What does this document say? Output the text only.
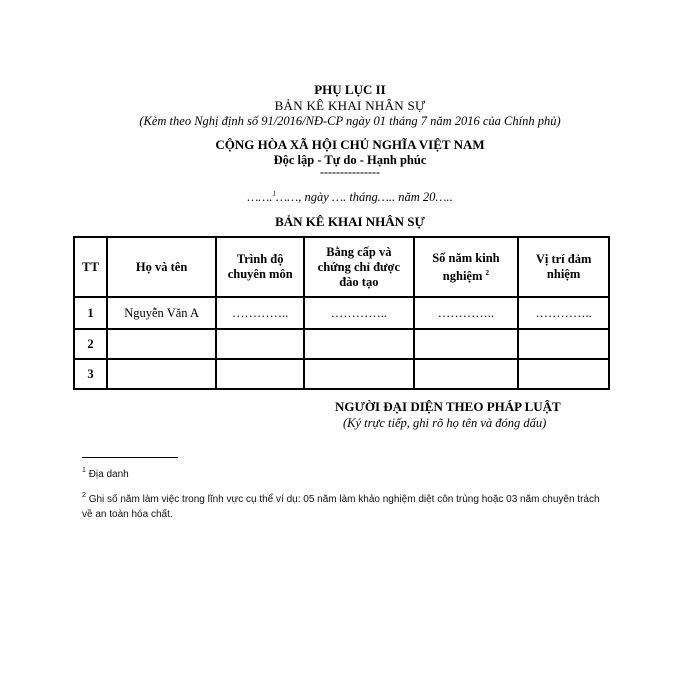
PHỤ LỤC II
BẢN KÊ KHAI NHÂN SỰ
(Kèm theo Nghị định số 91/2016/NĐ-CP ngày 01 tháng 7 năm 2016 của Chính phủ)
CỘNG HÒA XÃ HỘI CHỦ NGHĨA VIỆT NAM
Độc lập - Tự do - Hạnh phúc
---------------
…….$^1$……, ngày …. tháng….. năm 20…..
BẢN KÊ KHAI NHÂN SỰ
TT	Họ và tên	Trình độ chuyên môn	Bằng cấp và chứng chỉ được đào tạo	Số năm kinh nghiệm $^2$	Vị trí đảm nhiệm
1	Nguyễn Văn A	…………..	…………..	…………..	…………..
2					
3					
NGƯỜI ĐẠI DIỆN THEO PHÁP LUẬT
(Ký trực tiếp, ghi rõ họ tên và đóng dấu)
$^1$ Địa danh
$^2$ Ghi số năm làm việc trong lĩnh vực cụ thể ví dụ: 05 năm làm khảo nghiệm diệt côn trùng hoặc 03 năm chuyên trách về an toàn hóa chất.
